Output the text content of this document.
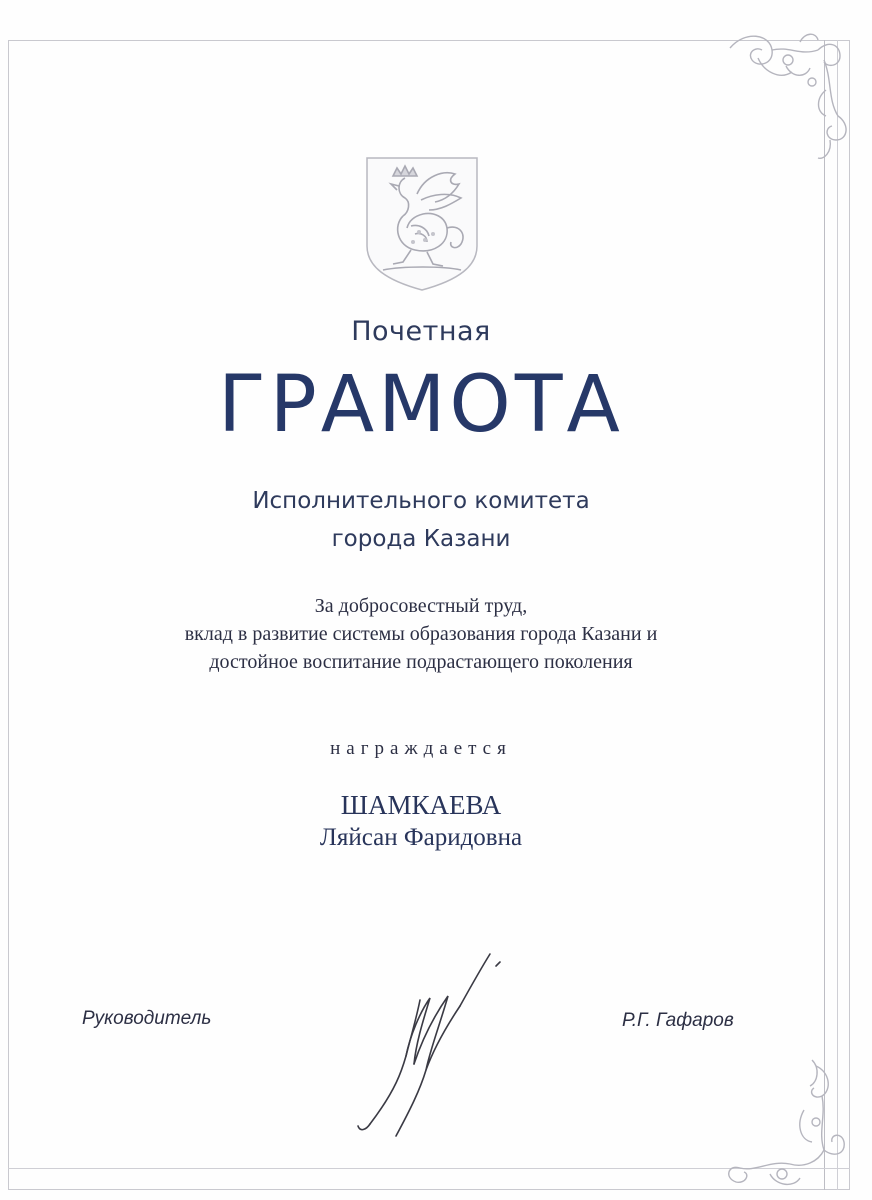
Почетная
ГРАМОТА
Исполнительного комитета
города Казани
За добросовестный труд,
вклад в развитие системы образования города Казани и
достойное воспитание подрастающего поколения
награждается
ШАМКАЕВА
Ляйсан Фаридовна
Руководитель	Р.Г. Гафаров
